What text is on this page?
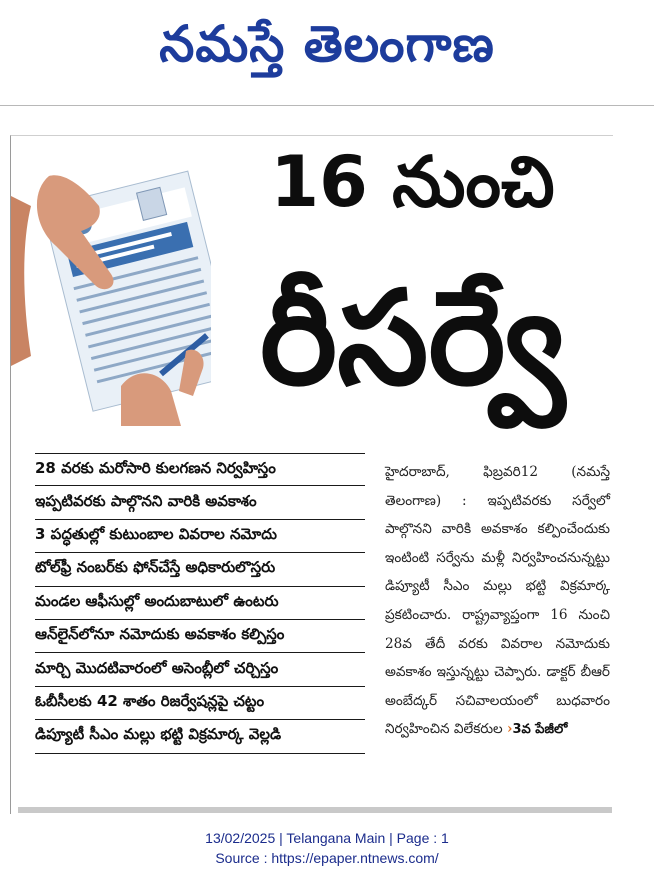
నమస్తే తెలంగాణ
16 నుంచి
రీసర్వే
28 వరకు మరోసారి కులగణన నిర్వహిస్తం
ఇప్పటివరకు పాల్గొనని వారికి అవకాశం
3 పద్ధతుల్లో కుటుంబాల వివరాల నమోదు
టోల్‌ఫ్రీ నంబర్‌కు ఫోన్‌చేస్తే అధికారులొస్తరు
మండల ఆఫీసుల్లో అందుబాటులో ఉంటరు
ఆన్‌లైన్‌లోనూ నమోదుకు అవకాశం కల్పిస్తం
మార్చి మొదటివారంలో అసెంబ్లీలో చర్చిస్తం
ఓబీసీలకు 42 శాతం రిజర్వేషన్లపై చట్టం
డిప్యూటీ సీఎం మల్లు భట్టి విక్రమార్క వెల్లడి
హైదరాబాద్, ఫిబ్రవరి12 (నమస్తే తెలంగాణ) : ఇప్పటివరకు సర్వేలో పాల్గొనని వారికి అవకాశం కల్పించేందుకు ఇంటింటి సర్వేను మళ్లీ నిర్వహించనున్నట్టు డిప్యూటీ సీఎం మల్లు భట్టి విక్రమార్క ప్రకటించారు. రాష్ట్రవ్యాప్తంగా 16 నుంచి 28వ తేదీ వరకు వివరాల నమోదుకు అవకాశం ఇస్తున్నట్టు చెప్పారు. డాక్టర్ బీఆర్ అంబేద్కర్ సచివాలయంలో బుధవారం నిర్వహించిన విలేకరుల ›3వ పేజీలో
13/02/2025 | Telangana Main | Page : 1
Source : https://epaper.ntnews.com/
